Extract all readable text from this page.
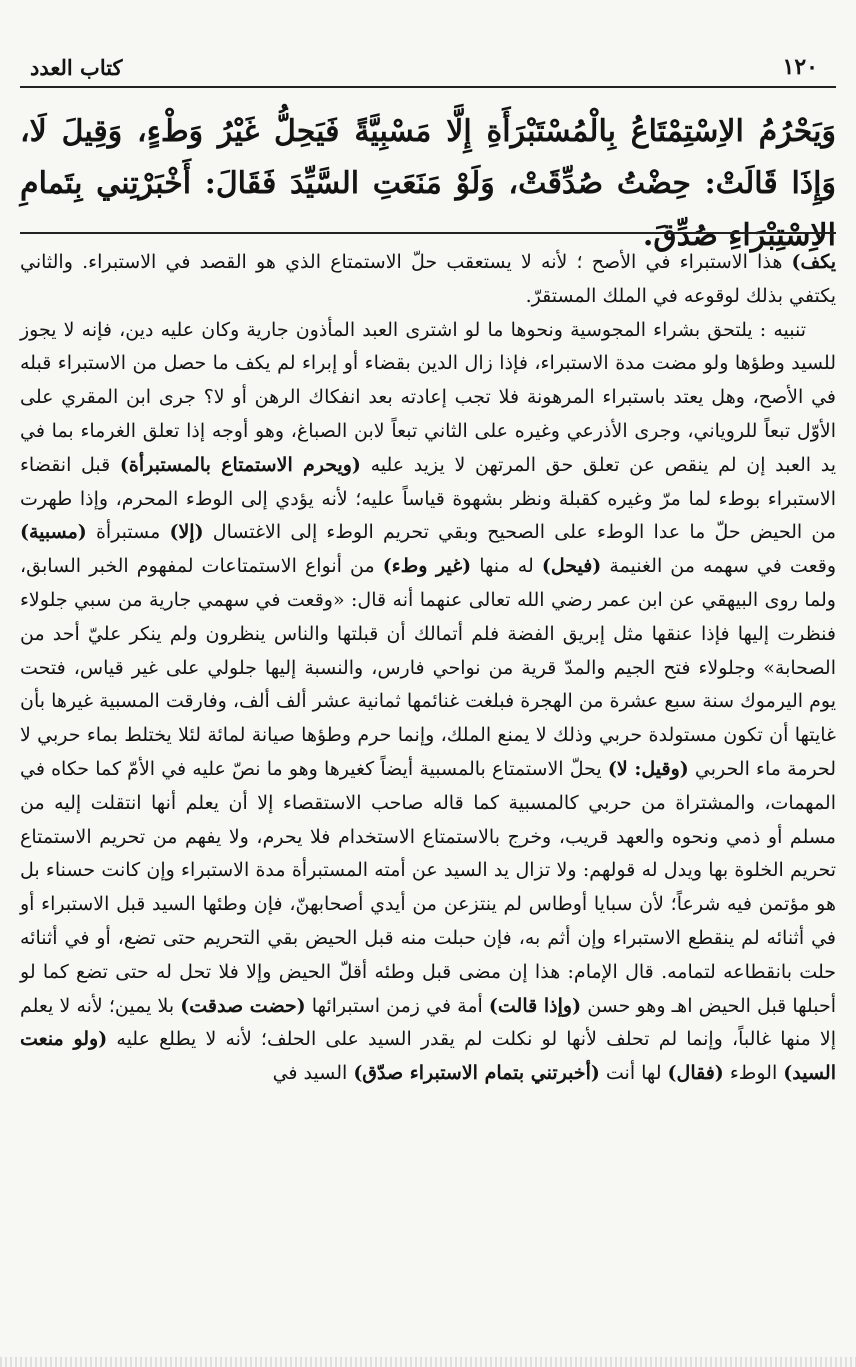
كتاب العدد	١٢٠
وَيَحْرُمُ الاِسْتِمْتَاعُ بِالْمُسْتَبْرَأَةِ إِلَّا مَسْبِيَّةً فَيَحِلُّ غَيْرُ وَطْءٍ، وَقِيلَ لَا، وَإِذَا قَالَتْ: حِضْتُ صُدِّقَتْ، وَلَوْ مَنَعَتِ السَّيِّدَ فَقَالَ: أَخْبَرْتِني بِتَمامِ الاِسْتِبْرَاءِ صُدِّقَ.

يكف) هذا الاستبراء في الأصح ؛ لأنه لا يستعقب حلّ الاستمتاع الذي هو القصد في الاستبراء. والثاني يكتفي بذلك لوقوعه في الملك المستقرّ.

تنبيه : يلتحق بشراء المجوسية ونحوها ما لو اشترى العبد المأذون جارية وكان عليه دين، فإنه لا يجوز للسيد وطؤها ولو مضت مدة الاستبراء، فإذا زال الدين بقضاء أو إبراء لم يكف ما حصل من الاستبراء قبله في الأصح، وهل يعتد باستبراء المرهونة فلا تجب إعادته بعد انفكاك الرهن أو لا؟ جرى ابن المقري على الأوّل تبعاً للروياني، وجرى الأذرعي وغيره على الثاني تبعاً لابن الصباغ، وهو أوجه إذا تعلق الغرماء بما في يد العبد إن لم ينقص عن تعلق حق المرتهن لا يزيد عليه (ويحرم الاستمتاع بالمستبرأة) قبل انقضاء الاستبراء بوطء لما مرّ وغيره كقبلة ونظر بشهوة قياساً عليه؛ لأنه يؤدي إلى الوطء المحرم، وإذا طهرت من الحيض حلّ ما عدا الوطء على الصحيح وبقي تحريم الوطء إلى الاغتسال (إلا) مستبرأة (مسبية) وقعت في سهمه من الغنيمة (فيحل) له منها (غير وطء) من أنواع الاستمتاعات لمفهوم الخبر السابق، ولما روى البيهقي عن ابن عمر رضي الله تعالى عنهما أنه قال: «وقعت في سهمي جارية من سبي جلولاء فنظرت إليها فإذا عنقها مثل إبريق الفضة فلم أتمالك أن قبلتها والناس ينظرون ولم ينكر عليّ أحد من الصحابة» وجلولاء فتح الجيم والمدّ قرية من نواحي فارس، والنسبة إليها جلولي على غير قياس، فتحت يوم اليرموك سنة سبع عشرة من الهجرة فبلغت غنائمها ثمانية عشر ألف ألف، وفارقت المسبية غيرها بأن غايتها أن تكون مستولدة حربي وذلك لا يمنع الملك، وإنما حرم وطؤها صيانة لمائة لئلا يختلط بماء حربي لا لحرمة ماء الحربي (وقيل: لا) يحلّ الاستمتاع بالمسبية أيضاً كغيرها وهو ما نصّ عليه في الأمّ كما حكاه في المهمات، والمشتراة من حربي كالمسبية كما قاله صاحب الاستقصاء إلا أن يعلم أنها انتقلت إليه من مسلم أو ذمي ونحوه والعهد قريب، وخرج بالاستمتاع الاستخدام فلا يحرم، ولا يفهم من تحريم الاستمتاع تحريم الخلوة بها ويدل له قولهم: ولا تزال يد السيد عن أمته المستبرأة مدة الاستبراء وإن كانت حسناء بل هو مؤتمن فيه شرعاً؛ لأن سبايا أوطاس لم ينتزعن من أيدي أصحابهنّ، فإن وطئها السيد قبل الاستبراء أو في أثنائه لم ينقطع الاستبراء وإن أثم به، فإن حبلت منه قبل الحيض بقي التحريم حتى تضع، أو في أثنائه حلت بانقطاعه لتمامه. قال الإمام: هذا إن مضى قبل وطئه أقلّ الحيض وإلا فلا تحل له حتى تضع كما لو أحبلها قبل الحيض اهـ وهو حسن (وإذا قالت) أمة في زمن استبرائها (حضت صدقت) بلا يمين؛ لأنه لا يعلم إلا منها غالباً، وإنما لم تحلف لأنها لو نكلت لم يقدر السيد على الحلف؛ لأنه لا يطلع عليه (ولو منعت السيد) الوطء (فقال) لها أنت (أخبرتني بتمام الاستبراء صدّق) السيد في
